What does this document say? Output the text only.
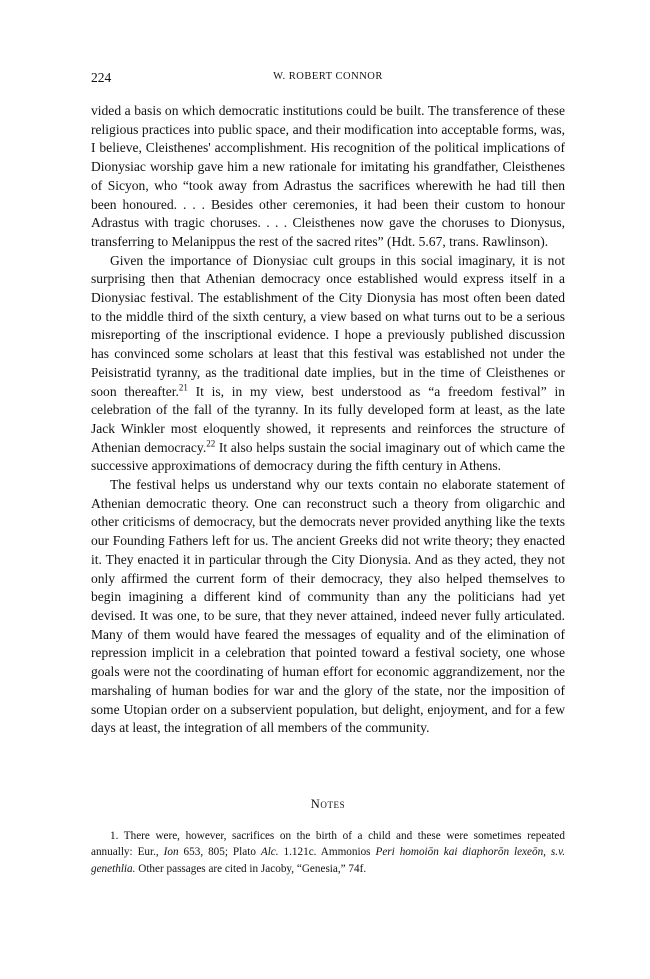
224	W. ROBERT CONNOR

vided a basis on which democratic institutions could be built. The transference of these religious practices into public space, and their modification into acceptable forms, was, I believe, Cleisthenes' accomplishment. His recognition of the political implications of Dionysiac worship gave him a new rationale for imitating his grandfather, Cleisthenes of Sicyon, who “took away from Adrastus the sacrifices wherewith he had till then been honoured. . . . Besides other ceremonies, it had been their custom to honour Adrastus with tragic choruses. . . . Cleisthenes now gave the choruses to Dionysus, transferring to Melanippus the rest of the sacred rites” (Hdt. 5.67, trans. Rawlinson).

Given the importance of Dionysiac cult groups in this social imaginary, it is not surprising then that Athenian democracy once established would express itself in a Dionysiac festival. The establishment of the City Dionysia has most often been dated to the middle third of the sixth century, a view based on what turns out to be a serious misreporting of the inscriptional evidence. I hope a previously published discussion has convinced some scholars at least that this festival was established not under the Peisistratid tyranny, as the traditional date implies, but in the time of Cleisthenes or soon thereafter.$^{21}$ It is, in my view, best understood as “a freedom festival” in celebration of the fall of the tyranny. In its fully developed form at least, as the late Jack Winkler most eloquently showed, it represents and reinforces the structure of Athenian democracy.$^{22}$ It also helps sustain the social imaginary out of which came the successive approximations of democracy during the fifth century in Athens.

The festival helps us understand why our texts contain no elaborate statement of Athenian democratic theory. One can reconstruct such a theory from oligarchic and other criticisms of democracy, but the democrats never provided anything like the texts our Founding Fathers left for us. The ancient Greeks did not write theory; they enacted it. They enacted it in particular through the City Dionysia. And as they acted, they not only affirmed the current form of their democracy, they also helped themselves to begin imagining a different kind of community than any the politicians had yet devised. It was one, to be sure, that they never attained, indeed never fully articulated. Many of them would have feared the messages of equality and of the elimination of repression implicit in a celebration that pointed toward a festival society, one whose goals were not the coordinating of human effort for economic aggrandizement, nor the marshaling of human bodies for war and the glory of the state, nor the imposition of some Utopian order on a subservient population, but delight, enjoyment, and for a few days at least, the integration of all members of the community.

Notes
1. There were, however, sacrifices on the birth of a child and these were sometimes repeated annually: Eur., Ion 653, 805; Plato Alc. 1.121c. Ammonios Peri homoiōn kai diaphorōn lexeōn, s.v. genethlia. Other passages are cited in Jacoby, “Genesia,” 74f.
